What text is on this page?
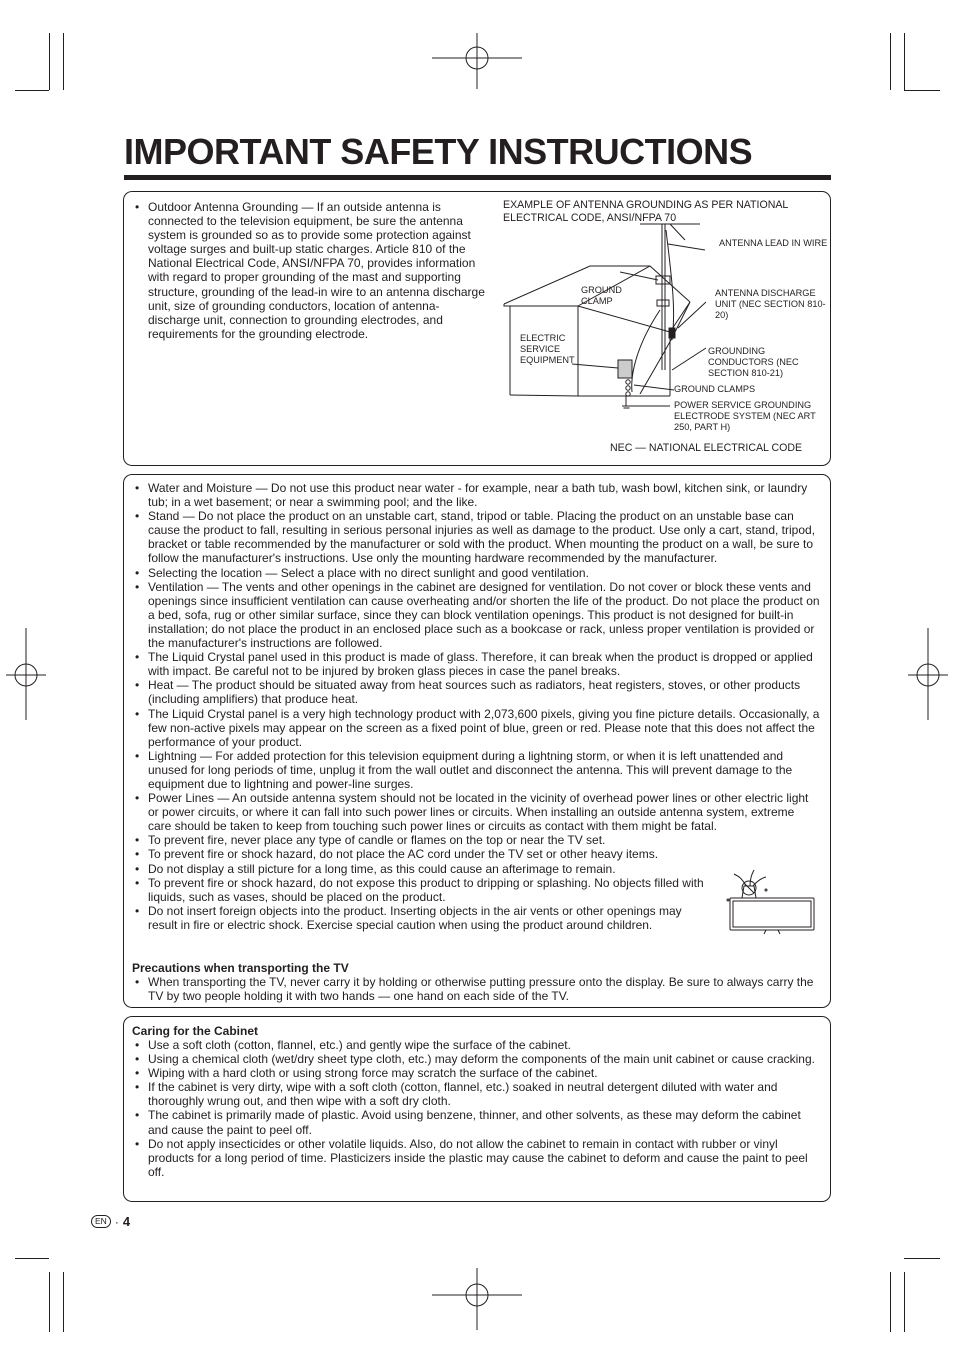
IMPORTANT SAFETY INSTRUCTIONS
• Outdoor Antenna Grounding — If an outside antenna is connected to the television equipment, be sure the antenna system is grounded so as to provide some protection against voltage surges and built-up static charges. Article 810 of the National Electrical Code, ANSI/NFPA 70, provides information with regard to proper grounding of the mast and supporting structure, grounding of the lead-in wire to an antenna discharge unit, size of grounding conductors, location of antenna-discharge unit, connection to grounding electrodes, and requirements for the grounding electrode.
EXAMPLE OF ANTENNA GROUNDING AS PER NATIONAL ELECTRICAL CODE, ANSI/NFPA 70
ANTENNA LEAD IN WIRE
GROUND CLAMP
ANTENNA DISCHARGE UNIT (NEC SECTION 810-20)
ELECTRIC SERVICE EQUIPMENT
GROUNDING CONDUCTORS (NEC SECTION 810-21)
GROUND CLAMPS
POWER SERVICE GROUNDING ELECTRODE SYSTEM (NEC ART 250, PART H)
NEC — NATIONAL ELECTRICAL CODE
• Water and Moisture — Do not use this product near water - for example, near a bath tub, wash bowl, kitchen sink, or laundry tub; in a wet basement; or near a swimming pool; and the like.
• Stand — Do not place the product on an unstable cart, stand, tripod or table. Placing the product on an unstable base can cause the product to fall, resulting in serious personal injuries as well as damage to the product. Use only a cart, stand, tripod, bracket or table recommended by the manufacturer or sold with the product. When mounting the product on a wall, be sure to follow the manufacturer's instructions. Use only the mounting hardware recommended by the manufacturer.
• Selecting the location — Select a place with no direct sunlight and good ventilation.
• Ventilation — The vents and other openings in the cabinet are designed for ventilation. Do not cover or block these vents and openings since insufficient ventilation can cause overheating and/or shorten the life of the product. Do not place the product on a bed, sofa, rug or other similar surface, since they can block ventilation openings. This product is not designed for built-in installation; do not place the product in an enclosed place such as a bookcase or rack, unless proper ventilation is provided or the manufacturer's instructions are followed.
• The Liquid Crystal panel used in this product is made of glass. Therefore, it can break when the product is dropped or applied with impact. Be careful not to be injured by broken glass pieces in case the panel breaks.
• Heat — The product should be situated away from heat sources such as radiators, heat registers, stoves, or other products (including amplifiers) that produce heat.
• The Liquid Crystal panel is a very high technology product with 2,073,600 pixels, giving you fine picture details. Occasionally, a few non-active pixels may appear on the screen as a fixed point of blue, green or red. Please note that this does not affect the performance of your product.
• Lightning — For added protection for this television equipment during a lightning storm, or when it is left unattended and unused for long periods of time, unplug it from the wall outlet and disconnect the antenna. This will prevent damage to the equipment due to lightning and power-line surges.
• Power Lines — An outside antenna system should not be located in the vicinity of overhead power lines or other electric light or power circuits, or where it can fall into such power lines or circuits. When installing an outside antenna system, extreme care should be taken to keep from touching such power lines or circuits as contact with them might be fatal.
• To prevent fire, never place any type of candle or flames on the top or near the TV set.
• To prevent fire or shock hazard, do not place the AC cord under the TV set or other heavy items.
• Do not display a still picture for a long time, as this could cause an afterimage to remain.
• To prevent fire or shock hazard, do not expose this product to dripping or splashing. No objects filled with liquids, such as vases, should be placed on the product.
• Do not insert foreign objects into the product. Inserting objects in the air vents or other openings may result in fire or electric shock. Exercise special caution when using the product around children.
Precautions when transporting the TV
• When transporting the TV, never carry it by holding or otherwise putting pressure onto the display. Be sure to always carry the TV by two people holding it with two hands — one hand on each side of the TV.
Caring for the Cabinet
• Use a soft cloth (cotton, flannel, etc.) and gently wipe the surface of the cabinet.
• Using a chemical cloth (wet/dry sheet type cloth, etc.) may deform the components of the main unit cabinet or cause cracking.
• Wiping with a hard cloth or using strong force may scratch the surface of the cabinet.
• If the cabinet is very dirty, wipe with a soft cloth (cotton, flannel, etc.) soaked in neutral detergent diluted with water and thoroughly wrung out, and then wipe with a soft dry cloth.
• The cabinet is primarily made of plastic. Avoid using benzene, thinner, and other solvents, as these may deform the cabinet and cause the paint to peel off.
• Do not apply insecticides or other volatile liquids. Also, do not allow the cabinet to remain in contact with rubber or vinyl products for a long period of time. Plasticizers inside the plastic may cause the cabinet to deform and cause the paint to peel off.
EN · 4
